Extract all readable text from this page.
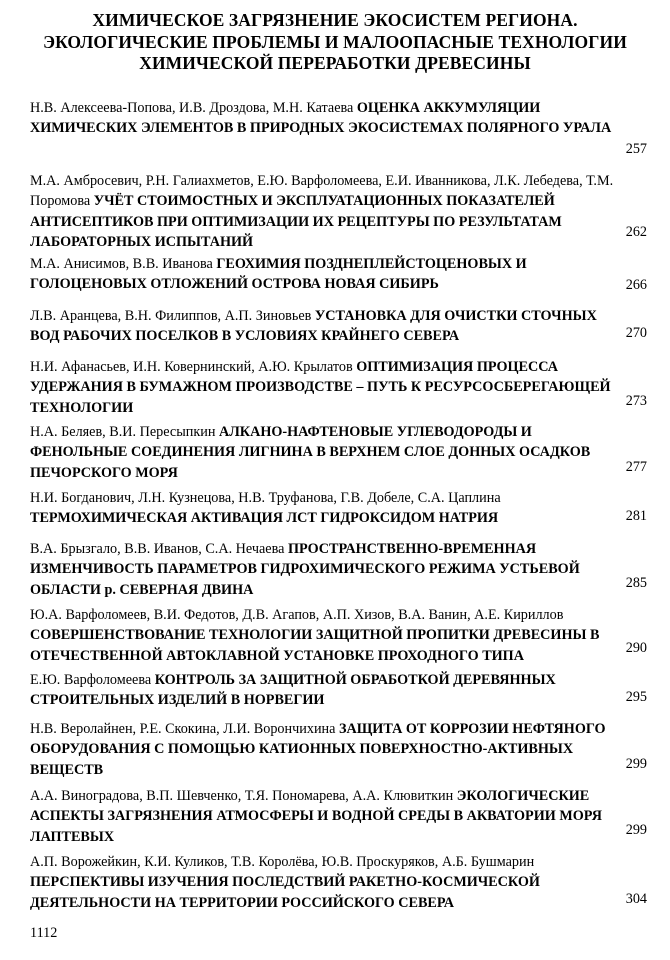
ХИМИЧЕСКОЕ ЗАГРЯЗНЕНИЕ ЭКОСИСТЕМ РЕГИОНА.
ЭКОЛОГИЧЕСКИЕ ПРОБЛЕМЫ И МАЛООПАСНЫЕ ТЕХНОЛОГИИ
ХИМИЧЕСКОЙ ПЕРЕРАБОТКИ ДРЕВЕСИНЫ
Н.В. Алексеева-Попова, И.В. Дроздова, М.Н. Катаева ОЦЕНКА АККУМУЛЯЦИИ ХИМИЧЕСКИХ ЭЛЕМЕНТОВ В ПРИРОДНЫХ ЭКОСИСТЕМАХ ПОЛЯРНОГО УРАЛА
257
М.А. Амбросевич, Р.Н. Галиахметов, Е.Ю. Варфоломеева, Е.И. Иванникова, Л.К. Лебедева, Т.М. Поромова УЧЁТ СТОИМОСТНЫХ И ЭКСПЛУАТАЦИОННЫХ ПОКАЗАТЕЛЕЙ АНТИСЕПТИКОВ ПРИ ОПТИМИЗАЦИИ ИХ РЕЦЕПТУРЫ ПО РЕЗУЛЬТАТАМ ЛАБОРАТОРНЫХ ИСПЫТАНИЙ
262
М.А. Анисимов, В.В. Иванова ГЕОХИМИЯ ПОЗДНЕПЛЕЙСТОЦЕНОВЫХ И ГОЛОЦЕНОВЫХ ОТЛОЖЕНИЙ ОСТРОВА НОВАЯ СИБИРЬ	266
Л.В. Аранцева, В.Н. Филиппов, А.П. Зиновьев УСТАНОВКА ДЛЯ ОЧИСТКИ СТОЧНЫХ ВОД РАБОЧИХ ПОСЕЛКОВ В УСЛОВИЯХ КРАЙНЕГО СЕВЕРА	270
Н.И. Афанасьев, И.Н. Ковернинский, А.Ю. Крылатов ОПТИМИЗАЦИЯ ПРОЦЕССА УДЕРЖАНИЯ В БУМАЖНОМ ПРОИЗВОДСТВЕ – ПУТЬ К РЕСУРСОСБЕРЕГАЮЩЕЙ ТЕХНОЛОГИИ	273
Н.А. Беляев, В.И. Пересыпкин АЛКАНО-НАФТЕНОВЫЕ УГЛЕВОДОРОДЫ И ФЕНОЛЬНЫЕ СОЕДИНЕНИЯ ЛИГНИНА В ВЕРХНЕМ СЛОЕ ДОННЫХ ОСАДКОВ ПЕЧОРСКОГО МОРЯ	277
Н.И. Богданович, Л.Н. Кузнецова, Н.В. Труфанова, Г.В. Добеле, С.А. Цаплина ТЕРМОХИМИЧЕСКАЯ АКТИВАЦИЯ ЛСТ ГИДРОКСИДОМ НАТРИЯ	281
В.А. Брызгало, В.В. Иванов, С.А. Нечаева ПРОСТРАНСТВЕННО-ВРЕМЕННАЯ ИЗМЕНЧИВОСТЬ ПАРАМЕТРОВ ГИДРОХИМИЧЕСКОГО РЕЖИМА УСТЬЕВОЙ ОБЛАСТИ р. СЕВЕРНАЯ ДВИНА	285
Ю.А. Варфоломеев, В.И. Федотов, Д.В. Агапов, А.П. Хизов, В.А. Ванин, А.Е. Кириллов СОВЕРШЕНСТВОВАНИЕ ТЕХНОЛОГИИ ЗАЩИТНОЙ ПРОПИТКИ ДРЕВЕСИНЫ В ОТЕЧЕСТВЕННОЙ АВТОКЛАВНОЙ УСТАНОВКЕ ПРОХОДНОГО ТИПА	290
Е.Ю. Варфоломеева КОНТРОЛЬ ЗА ЗАЩИТНОЙ ОБРАБОТКОЙ ДЕРЕВЯННЫХ СТРОИТЕЛЬНЫХ ИЗДЕЛИЙ В НОРВЕГИИ	295
Н.В. Веролайнен, Р.Е. Скокина, Л.И. Ворончихина ЗАЩИТА ОТ КОРРОЗИИ НЕФТЯНОГО ОБОРУДОВАНИЯ С ПОМОЩЬЮ КАТИОННЫХ ПОВЕРХНОСТНО-АКТИВНЫХ ВЕЩЕСТВ	299
А.А. Виноградова, В.П. Шевченко, Т.Я. Пономарева, А.А. Клювиткин ЭКОЛОГИЧЕСКИЕ АСПЕКТЫ ЗАГРЯЗНЕНИЯ АТМОСФЕРЫ И ВОДНОЙ СРЕДЫ В АКВАТОРИИ МОРЯ ЛАПТЕВЫХ	299
А.П. Ворожейкин, К.И. Куликов, Т.В. Королёва, Ю.В. Проскуряков, А.Б. Бушмарин ПЕРСПЕКТИВЫ ИЗУЧЕНИЯ ПОСЛЕДСТВИЙ РАКЕТНО-КОСМИЧЕСКОЙ ДЕЯТЕЛЬНОСТИ НА ТЕРРИТОРИИ РОССИЙСКОГО СЕВЕРА	304
1112
